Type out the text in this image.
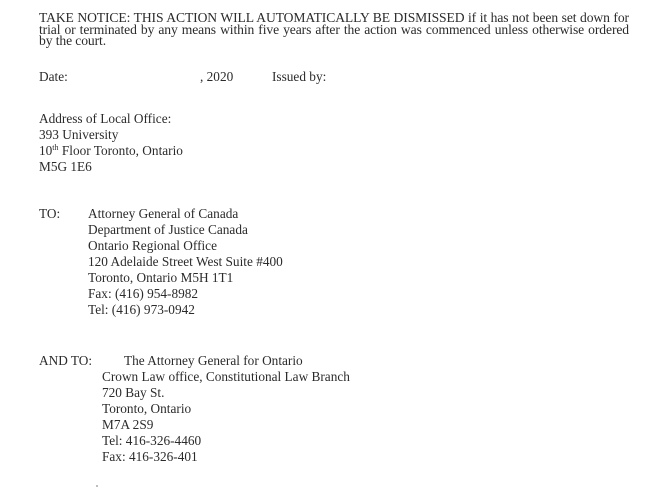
TAKE NOTICE: THIS ACTION WILL AUTOMATICALLY BE DISMISSED if it has not been set down for trial or terminated by any means within five years after the action was commenced unless otherwise ordered by the court.
Date:	, 2020	Issued by:
Address of Local Office:
393 University
10th Floor Toronto, Ontario
M5G 1E6
TO: Attorney General of Canada
Department of Justice Canada
Ontario Regional Office
120 Adelaide Street West Suite #400
Toronto, Ontario M5H 1T1
Fax: (416) 954-8982
Tel: (416) 973-0942
AND TO: The Attorney General for Ontario
Crown Law office, Constitutional Law Branch
720 Bay St.
Toronto, Ontario
M7A 2S9
Tel: 416-326-4460
Fax: 416-326-401
